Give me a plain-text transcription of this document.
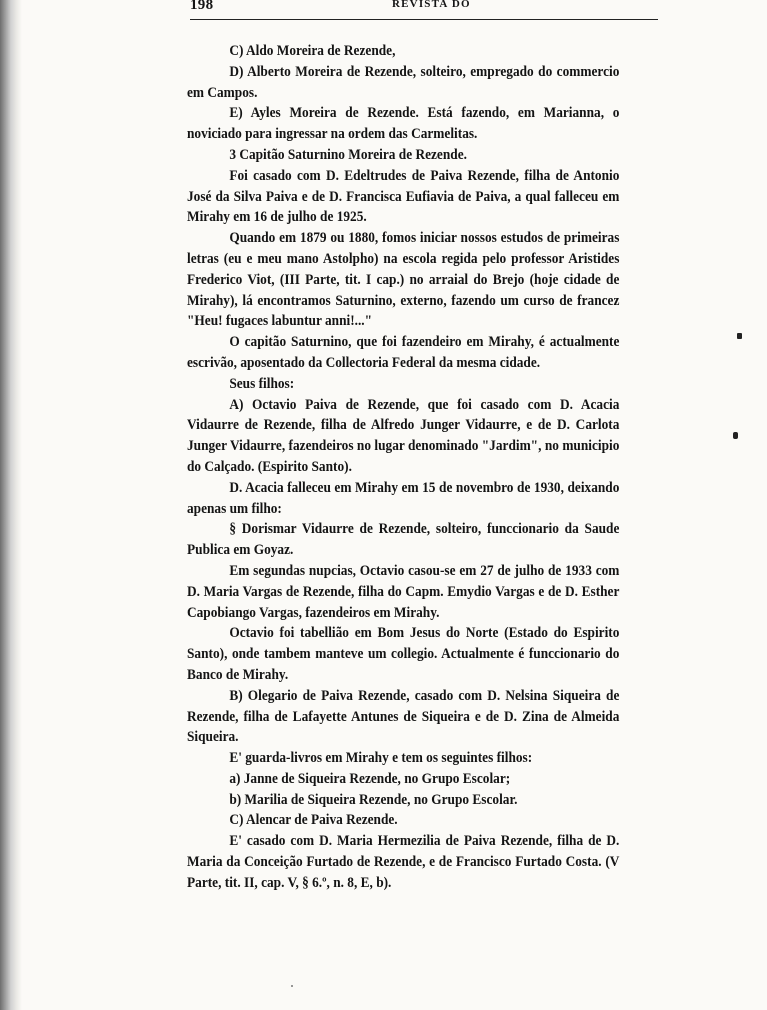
198	REVISTA DO

C) Aldo Moreira de Rezende,

D) Alberto Moreira de Rezende, solteiro, empregado do commercio em Campos.

E) Ayles Moreira de Rezende. Está fazendo, em Marianna, o noviciado para ingressar na ordem das Carmelitas.

3 Capitão Saturnino Moreira de Rezende.

Foi casado com D. Edeltrudes de Paiva Rezende, filha de Antonio José da Silva Paiva e de D. Francisca Eufiavia de Paiva, a qual falleceu em Mirahy em 16 de julho de 1925.

Quando em 1879 ou 1880, fomos iniciar nossos estudos de primeiras letras (eu e meu mano Astolpho) na escola regida pelo professor Aristides Frederico Viot, (III Parte, tit. I cap.) no arraial do Brejo (hoje cidade de Mirahy), lá encontramos Saturnino, externo, fazendo um curso de francez "Heu! fugaces labuntur anni!..."

O capitão Saturnino, que foi fazendeiro em Mirahy, é actualmente escrivão, aposentado da Collectoria Federal da mesma cidade.

Seus filhos:

A) Octavio Paiva de Rezende, que foi casado com D. Acacia Vidaurre de Rezende, filha de Alfredo Junger Vidaurre, e de D. Carlota Junger Vidaurre, fazendeiros no lugar denominado "Jardim", no municipio do Calçado. (Espirito Santo).

D. Acacia falleceu em Mirahy em 15 de novembro de 1930, deixando apenas um filho:

§ Dorismar Vidaurre de Rezende, solteiro, funccionario da Saude Publica em Goyaz.

Em segundas nupcias, Octavio casou-se em 27 de julho de 1933 com D. Maria Vargas de Rezende, filha do Capm. Emydio Vargas e de D. Esther Capobiango Vargas, fazendeiros em Mirahy.

Octavio foi tabellião em Bom Jesus do Norte (Estado do Espirito Santo), onde tambem manteve um collegio. Actualmente é funccionario do Banco de Mirahy.

B) Olegario de Paiva Rezende, casado com D. Nelsina Siqueira de Rezende, filha de Lafayette Antunes de Siqueira e de D. Zina de Almeida Siqueira.

E' guarda-livros em Mirahy e tem os seguintes filhos:

a) Janne de Siqueira Rezende, no Grupo Escolar;

b) Marilia de Siqueira Rezende, no Grupo Escolar.

C) Alencar de Paiva Rezende.

E' casado com D. Maria Hermezilia de Paiva Rezende, filha de D. Maria da Conceição Furtado de Rezende, e de Francisco Furtado Costa. (V Parte, tit. II, cap. V, § 6.º, n. 8, E, b).
